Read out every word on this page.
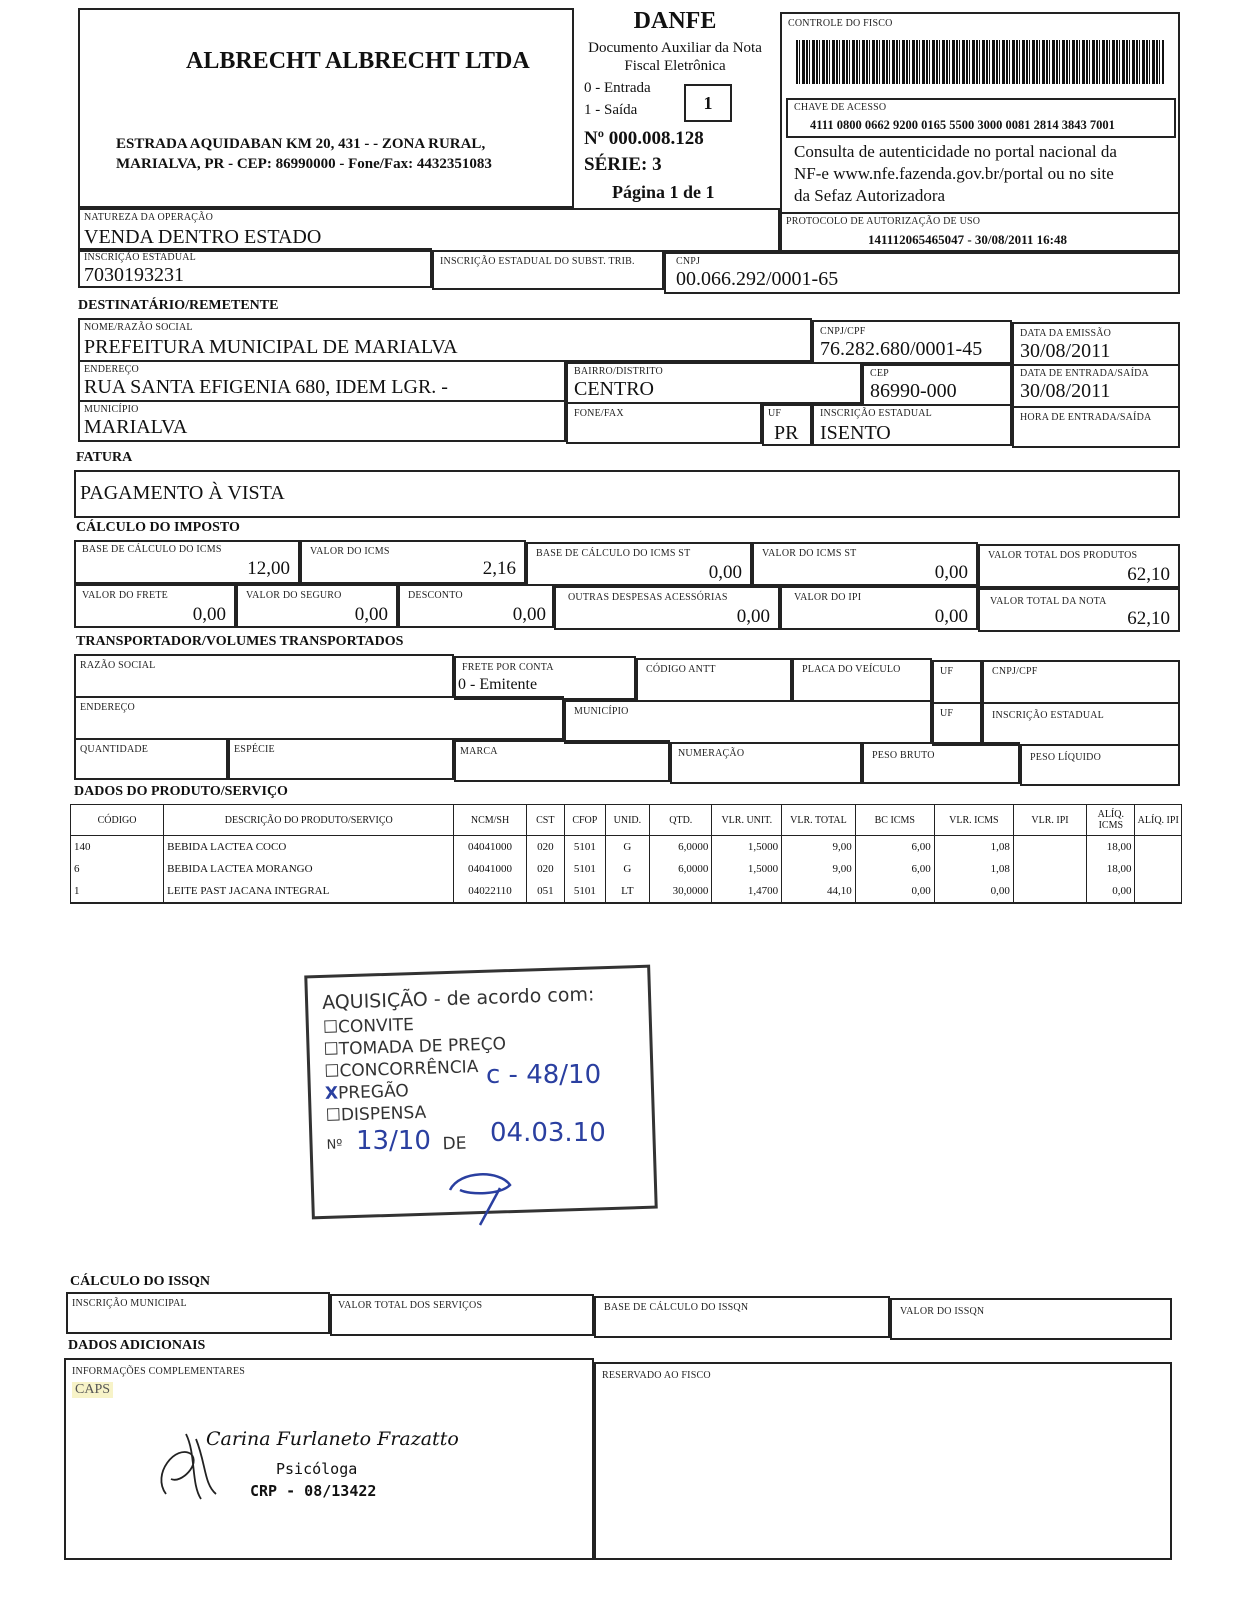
ALBRECHT ALBRECHT LTDA
ESTRADA AQUIDABAN KM 20, 431 - - ZONA RURAL,
MARIALVA, PR - CEP: 86990000 - Fone/Fax: 4432351083
DANFE
Documento Auxiliar da Nota
Fiscal Eletrônica
0 - Entrada
1 - Saída	1
Nº 000.008.128
SÉRIE: 3
Página 1 de 1
CONTROLE DO FISCO
CHAVE DE ACESSO
4111 0800 0662 9200 0165 5500 3000 0081 2814 3843 7001
Consulta de autenticidade no portal nacional da
NF-e www.nfe.fazenda.gov.br/portal ou no site
da Sefaz Autorizadora
NATUREZA DA OPERAÇÃO
VENDA DENTRO ESTADO
PROTOCOLO DE AUTORIZAÇÃO DE USO
141112065465047 - 30/08/2011 16:48
INSCRIÇÃO ESTADUAL
7030193231
INSCRIÇÃO ESTADUAL DO SUBST. TRIB.	CNPJ
00.066.292/0001-65
DESTINATÁRIO/REMETENTE
NOME/RAZÃO SOCIAL
PREFEITURA MUNICIPAL DE MARIALVA
CNPJ/CPF
76.282.680/0001-45
DATA DA EMISSÃO
30/08/2011
ENDEREÇO
RUA SANTA EFIGENIA 680, IDEM LGR. -
BAIRRO/DISTRITO
CENTRO
CEP
86990-000
DATA DE ENTRADA/SAÍDA
30/08/2011
MUNICÍPIO
MARIALVA
FONE/FAX	UF
PR
INSCRIÇÃO ESTADUAL
ISENTO
HORA DE ENTRADA/SAÍDA
FATURA
PAGAMENTO À VISTA
CÁLCULO DO IMPOSTO
BASE DE CÁLCULO DO ICMS
12,00
VALOR DO ICMS
2,16
BASE DE CÁLCULO DO ICMS ST
0,00
VALOR DO ICMS ST
0,00
VALOR TOTAL DOS PRODUTOS
62,10
VALOR DO FRETE
0,00
VALOR DO SEGURO
0,00
DESCONTO
0,00
OUTRAS DESPESAS ACESSÓRIAS
0,00
VALOR DO IPI
0,00
VALOR TOTAL DA NOTA
62,10
TRANSPORTADOR/VOLUMES TRANSPORTADOS
RAZÃO SOCIAL	FRETE POR CONTA
0 - Emitente
CÓDIGO ANTT	PLACA DO VEÍCULO	UF	CNPJ/CPF
ENDEREÇO	MUNICÍPIO	UF	INSCRIÇÃO ESTADUAL
QUANTIDADE	ESPÉCIE	MARCA	NUMERAÇÃO	PESO BRUTO	PESO LÍQUIDO
DADOS DO PRODUTO/SERVIÇO
CÓDIGO	DESCRIÇÃO DO PRODUTO/SERVIÇO	NCM/SH	CST	CFOP	UNID.	QTD.	VLR. UNIT.	VLR. TOTAL	BC ICMS	VLR. ICMS	VLR. IPI	ALÍQ. ICMS	ALÍQ. IPI
140	BEBIDA LACTEA COCO	04041000	020	5101	G	6,0000	1,5000	9,00	6,00	1,08		18,00	
6	BEBIDA LACTEA MORANGO	04041000	020	5101	G	6,0000	1,5000	9,00	6,00	1,08		18,00	
1	LEITE PAST JACANA INTEGRAL	04022110	051	5101	LT	30,0000	1,4700	44,10	0,00	0,00		0,00	
AQUISIÇÃO - de acordo com:
☐CONVITE
☐TOMADA DE PREÇO
☐CONCORRÊNCIA
XPREGÃO
☐DISPENSA
Nº	DE
c - 48/10
13/10 04.03.10
CÁLCULO DO ISSQN
INSCRIÇÃO MUNICIPAL	VALOR TOTAL DOS SERVIÇOS	BASE DE CÁLCULO DO ISSQN	VALOR DO ISSQN
DADOS ADICIONAIS
INFORMAÇÕES COMPLEMENTARES
CAPS
Carina Furlaneto Frazatto
Psicóloga
CRP - 08/13422
RESERVADO AO FISCO
